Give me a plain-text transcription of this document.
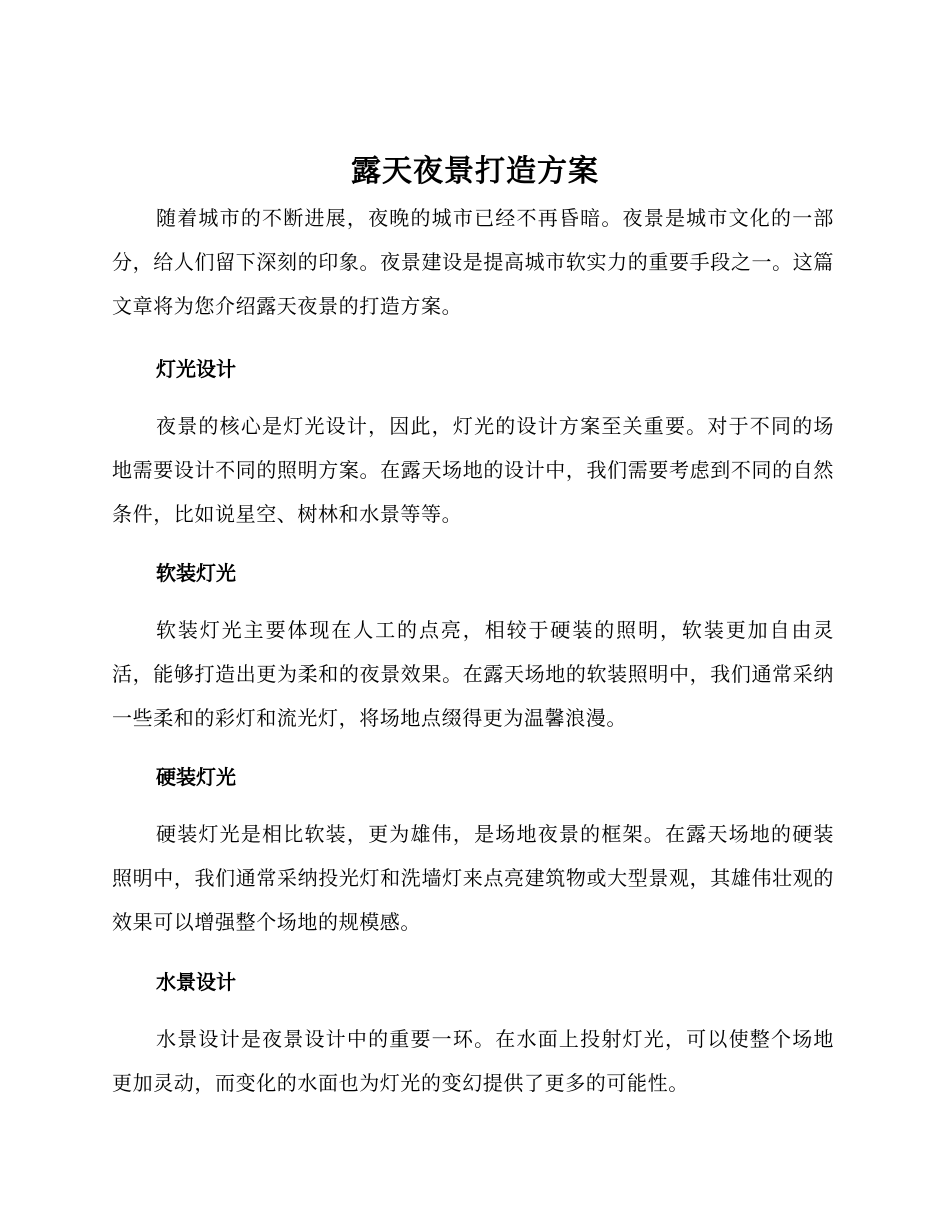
露天夜景打造方案
随着城市的不断进展，夜晚的城市已经不再昏暗。夜景是城市文化的一部分，给人们留下深刻的印象。夜景建设是提高城市软实力的重要手段之一。这篇文章将为您介绍露天夜景的打造方案。
灯光设计
夜景的核心是灯光设计，因此，灯光的设计方案至关重要。对于不同的场地需要设计不同的照明方案。在露天场地的设计中，我们需要考虑到不同的自然条件，比如说星空、树林和水景等等。
软装灯光
软装灯光主要体现在人工的点亮，相较于硬装的照明，软装更加自由灵活，能够打造出更为柔和的夜景效果。在露天场地的软装照明中，我们通常采纳一些柔和的彩灯和流光灯，将场地点缀得更为温馨浪漫。
硬装灯光
硬装灯光是相比软装，更为雄伟，是场地夜景的框架。在露天场地的硬装照明中，我们通常采纳投光灯和洗墙灯来点亮建筑物或大型景观，其雄伟壮观的效果可以增强整个场地的规模感。
水景设计
水景设计是夜景设计中的重要一环。在水面上投射灯光，可以使整个场地更加灵动，而变化的水面也为灯光的变幻提供了更多的可能性。
